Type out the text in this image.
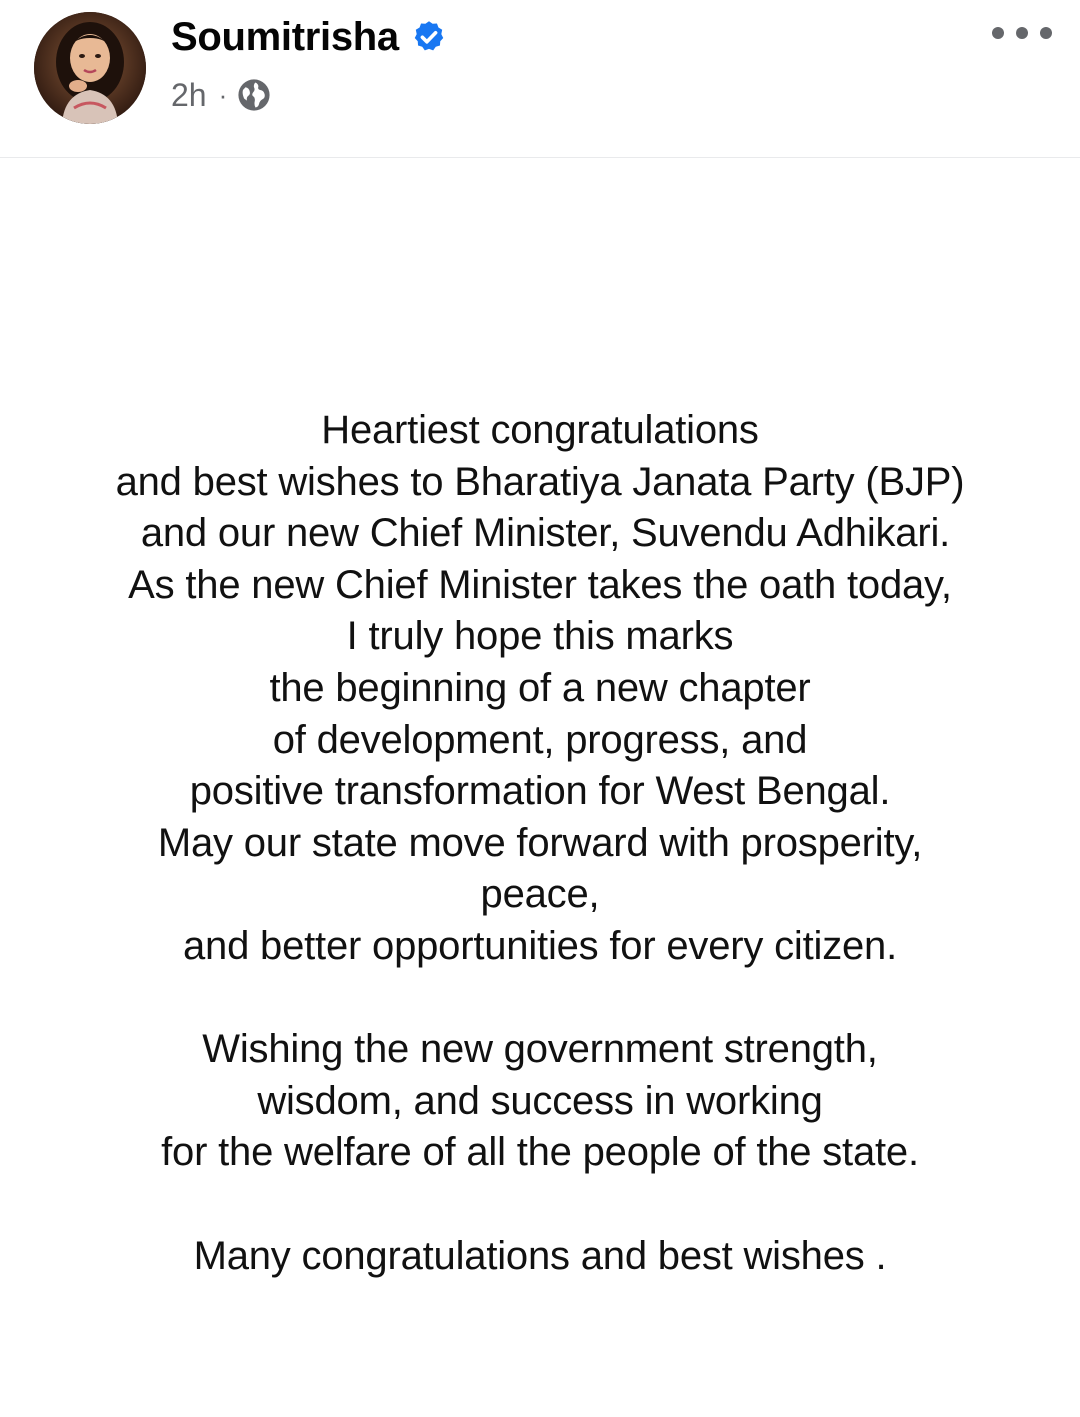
Soumitrisha
2h ·
Heartiest congratulations
and best wishes to Bharatiya Janata Party (BJP)
and our new Chief Minister, Suvendu Adhikari.
As the new Chief Minister takes the oath today,
I truly hope this marks
the beginning of a new chapter
of development, progress, and
positive transformation for West Bengal.
May our state move forward with prosperity,
peace,
and better opportunities for every citizen.
Wishing the new government strength,
wisdom, and success in working
for the welfare of all the people of the state.
Many congratulations and best wishes .
